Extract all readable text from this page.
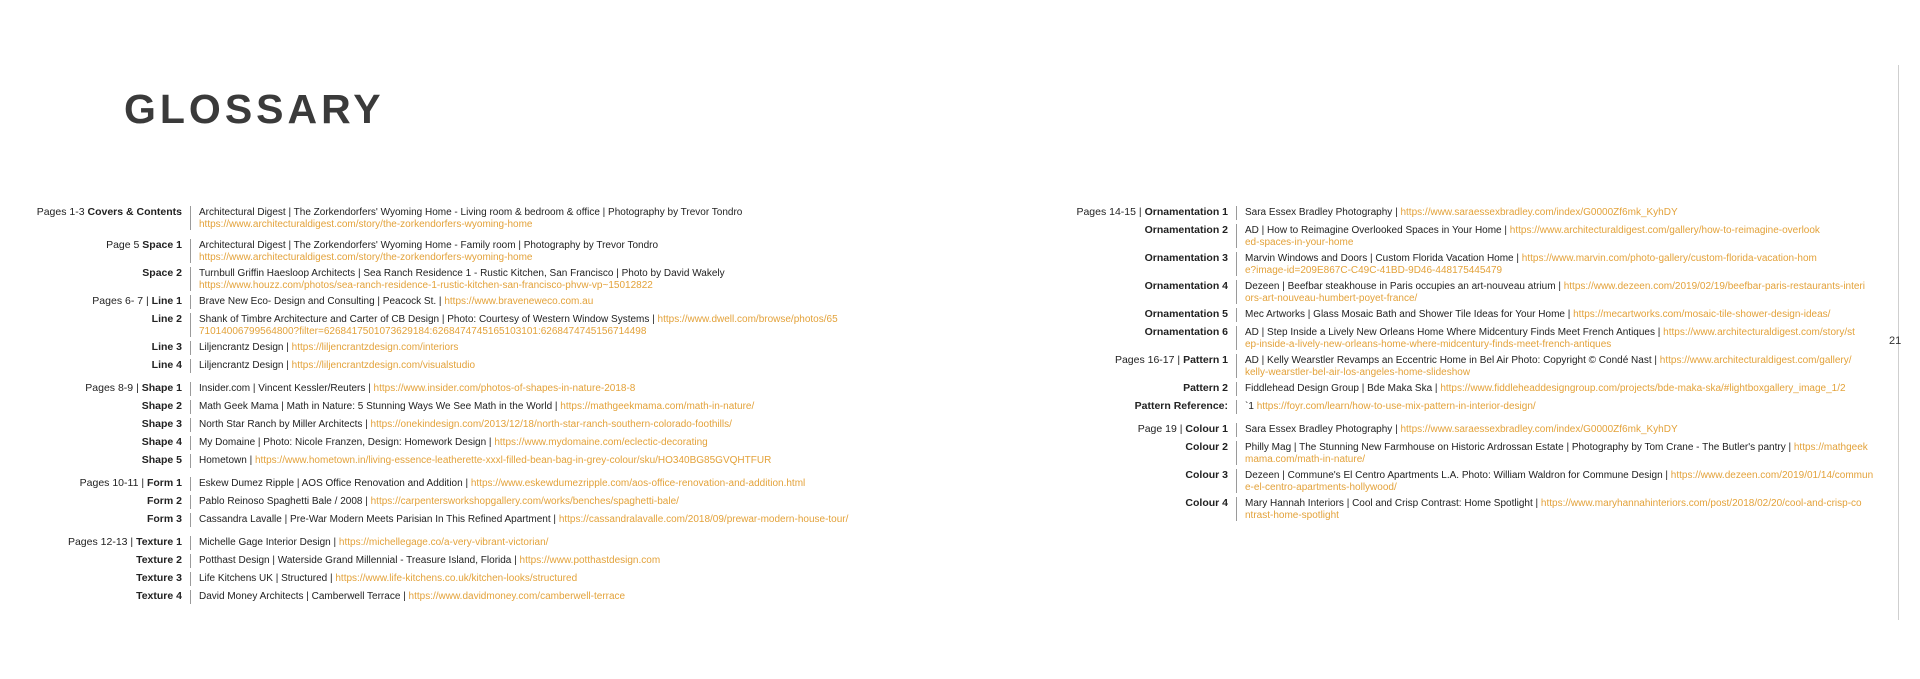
GLOSSARY
Pages 1-3 Covers & Contents	Architectural Digest | The Zorkendorfers' Wyoming Home - Living room & bedroom & office | Photography by Trevor Tondro
https://www.architecturaldigest.com/story/the-zorkendorfers-wyoming-home
Page 5 Space 1	Architectural Digest | The Zorkendorfers' Wyoming Home - Family room | Photography by Trevor Tondro
https://www.architecturaldigest.com/story/the-zorkendorfers-wyoming-home
Space 2	Turnbull Griffin Haesloop Architects | Sea Ranch Residence 1 - Rustic Kitchen, San Francisco | Photo by David Wakely
https://www.houzz.com/photos/sea-ranch-residence-1-rustic-kitchen-san-francisco-phvw-vp~15012822
Pages 6- 7 | Line 1	Brave New Eco- Design and Consulting | Peacock St. | https://www.braveneweco.com.au
Line 2	Shank of Timbre Architecture and Carter of CB Design | Photo: Courtesy of Western Window Systems | https://www.dwell.com/browse/photos/6571014006799564800?filter=6268417501073629184:6268474745165103101:6268474745156714498
Line 3	Liljencrantz Design | https://liljencrantzdesign.com/interiors
Line 4	Liljencrantz Design | https://liljencrantzdesign.com/visualstudio
Pages 8-9 | Shape 1	Insider.com | Vincent Kessler/Reuters | https://www.insider.com/photos-of-shapes-in-nature-2018-8
Shape 2	Math Geek Mama | Math in Nature: 5 Stunning Ways We See Math in the World | https://mathgeekmama.com/math-in-nature/
Shape 3	North Star Ranch by Miller Architects | https://onekindesign.com/2013/12/18/north-star-ranch-southern-colorado-foothills/
Shape 4	My Domaine | Photo: Nicole Franzen, Design: Homework Design | https://www.mydomaine.com/eclectic-decorating
Shape 5	Hometown | https://www.hometown.in/living-essence-leatherette-xxxl-filled-bean-bag-in-grey-colour/sku/HO340BG85GVQHTFUR
Pages 10-11 | Form 1	Eskew Dumez Ripple | AOS Office Renovation and Addition | https://www.eskewdumezripple.com/aos-office-renovation-and-addition.html
Form 2	Pablo Reinoso Spaghetti Bale / 2008 | https://carpentersworkshopgallery.com/works/benches/spaghetti-bale/
Form 3	Cassandra Lavalle | Pre-War Modern Meets Parisian In This Refined Apartment | https://cassandralavalle.com/2018/09/prewar-modern-house-tour/
Pages 12-13 | Texture 1	Michelle Gage Interior Design | https://michellegage.co/a-very-vibrant-victorian/
Texture 2	Potthast Design | Waterside Grand Millennial - Treasure Island, Florida | https://www.potthastdesign.com
Texture 3	Life Kitchens UK | Structured | https://www.life-kitchens.co.uk/kitchen-looks/structured
Texture 4	David Money Architects | Camberwell Terrace | https://www.davidmoney.com/camberwell-terrace
Pages 14-15 | Ornamentation 1	Sara Essex Bradley Photography | https://www.saraessexbradley.com/index/G0000Zf6mk_KyhDY
Ornamentation 2	AD | How to Reimagine Overlooked Spaces in Your Home | https://www.architecturaldigest.com/gallery/how-to-reimagine-overlooked-spaces-in-your-home
Ornamentation 3	Marvin Windows and Doors | Custom Florida Vacation Home | https://www.marvin.com/photo-gallery/custom-florida-vacation-home?image-id=209E867C-C49C-41BD-9D46-448175445479
Ornamentation 4	Dezeen | Beefbar steakhouse in Paris occupies an art-nouveau atrium | https://www.dezeen.com/2019/02/19/beefbar-paris-restaurants-interiors-art-nouveau-humbert-poyet-france/
Ornamentation 5	Mec Artworks | Glass Mosaic Bath and Shower Tile Ideas for Your Home | https://mecartworks.com/mosaic-tile-shower-design-ideas/
Ornamentation 6	AD | Step Inside a Lively New Orleans Home Where Midcentury Finds Meet French Antiques | https://www.architecturaldigest.com/story/step-inside-a-lively-new-orleans-home-where-midcentury-finds-meet-french-antiques
Pages 16-17 | Pattern 1	AD | Kelly Wearstler Revamps an Eccentric Home in Bel Air Photo: Copyright © Condé Nast | https://www.architecturaldigest.com/gallery/kelly-wearstler-bel-air-los-angeles-home-slideshow
Pattern 2	Fiddlehead Design Group | Bde Maka Ska | https://www.fiddleheaddesigngroup.com/projects/bde-maka-ska/#lightboxgallery_image_1/2
Pattern Reference:	`1 https://foyr.com/learn/how-to-use-mix-pattern-in-interior-design/
Page 19 | Colour 1	Sara Essex Bradley Photography | https://www.saraessexbradley.com/index/G0000Zf6mk_KyhDY
Colour 2	Philly Mag | The Stunning New Farmhouse on Historic Ardrossan Estate | Photography by Tom Crane - The Butler's pantry | https://mathgeekmama.com/math-in-nature/
Colour 3	Dezeen | Commune's El Centro Apartments L.A. Photo: William Waldron for Commune Design | https://www.dezeen.com/2019/01/14/commune-el-centro-apartments-hollywood/
Colour 4	Mary Hannah Interiors | Cool and Crisp Contrast: Home Spotlight | https://www.maryhannahinteriors.com/post/2018/02/20/cool-and-crisp-contrast-home-spotlight
21
